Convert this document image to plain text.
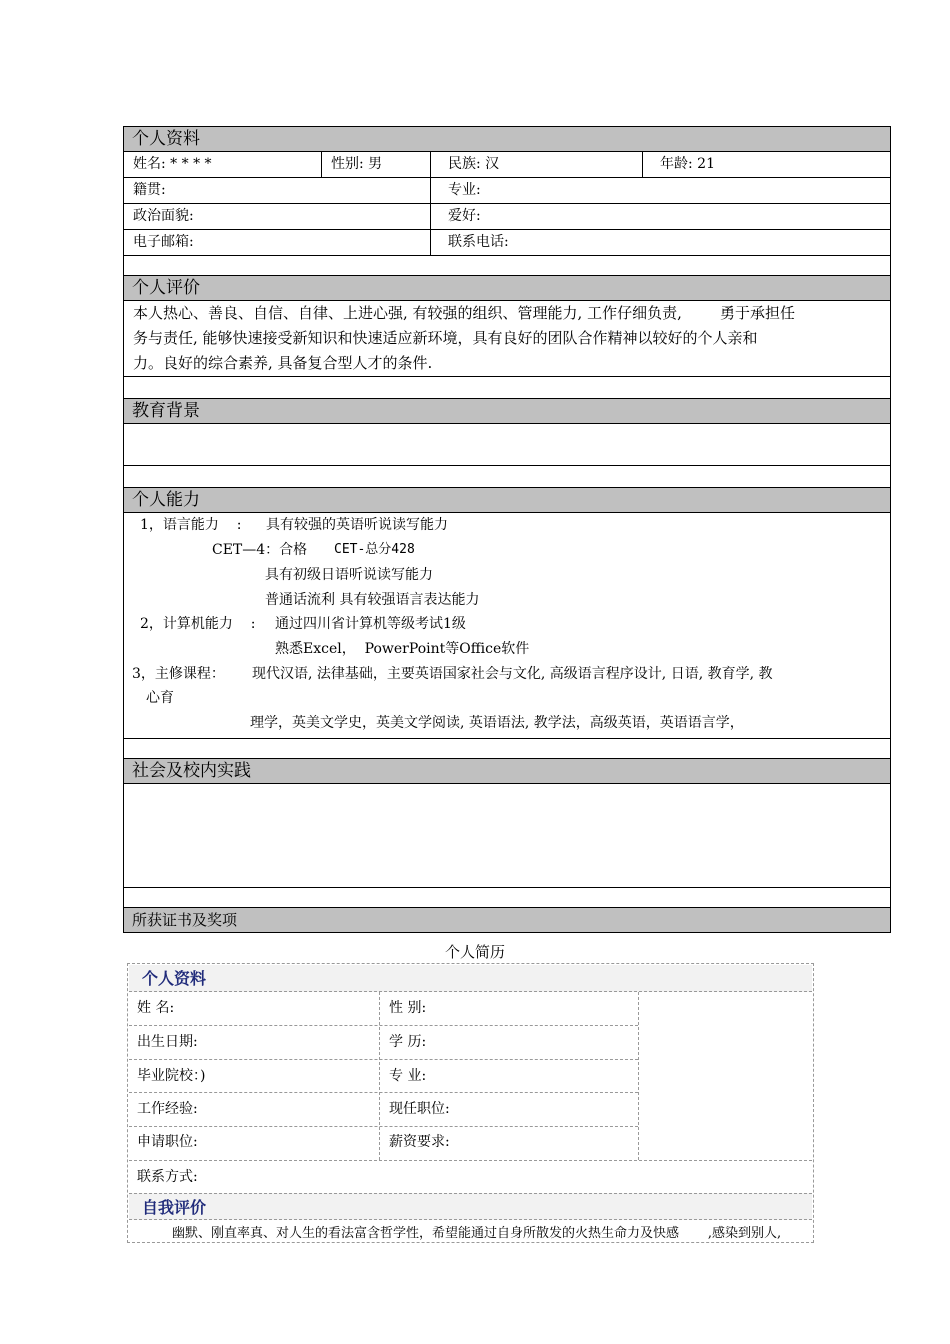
个人资料
姓名: * * * *	性别: 男	民族: 汉	年龄: 21
籍贯:	专业:
政治面貌:	爱好:
电子邮箱:	联系电话:
个人评价
本人热心、善良、自信、自律、上进心强, 有较强的组织、管理能力, 工作仔细负责,        勇于承担任
务与责任, 能够快速接受新知识和快速适应新环境，具有良好的团队合作精神以较好的个人亲和
力。良好的综合素养, 具备复合型人才的条件.
教育背景
个人能力
1，语言能力    : 具有较强的英语听说读写能力
CET—4：合格 CET-总分428
具有初级日语听说读写能力
普通话流利 具有较强语言表达能力
2，计算机能力    : 通过四川省计算机等级考试1级
熟悉Excel，  PowerPoint等Office软件
3，主修课程： 现代汉语, 法律基础，主要英语国家社会与文化, 高级语言程序设计, 日语, 教育学, 教
心育
理学，英美文学史，英美文学阅读, 英语语法, 教学法，高级英语，英语语言学，
社会及校内实践
所获证书及奖项
个人简历
个人资料
姓 名:	性 别:
出生日期:	学 历:
毕业院校：)	专 业:
工作经验:	现任职位:
申请职位:	薪资要求:
联系方式:
自我评价
幽默、刚直率真、对人生的看法富含哲学性，希望能通过自身所散发的火热生命力及快感       ,感染到别人,
